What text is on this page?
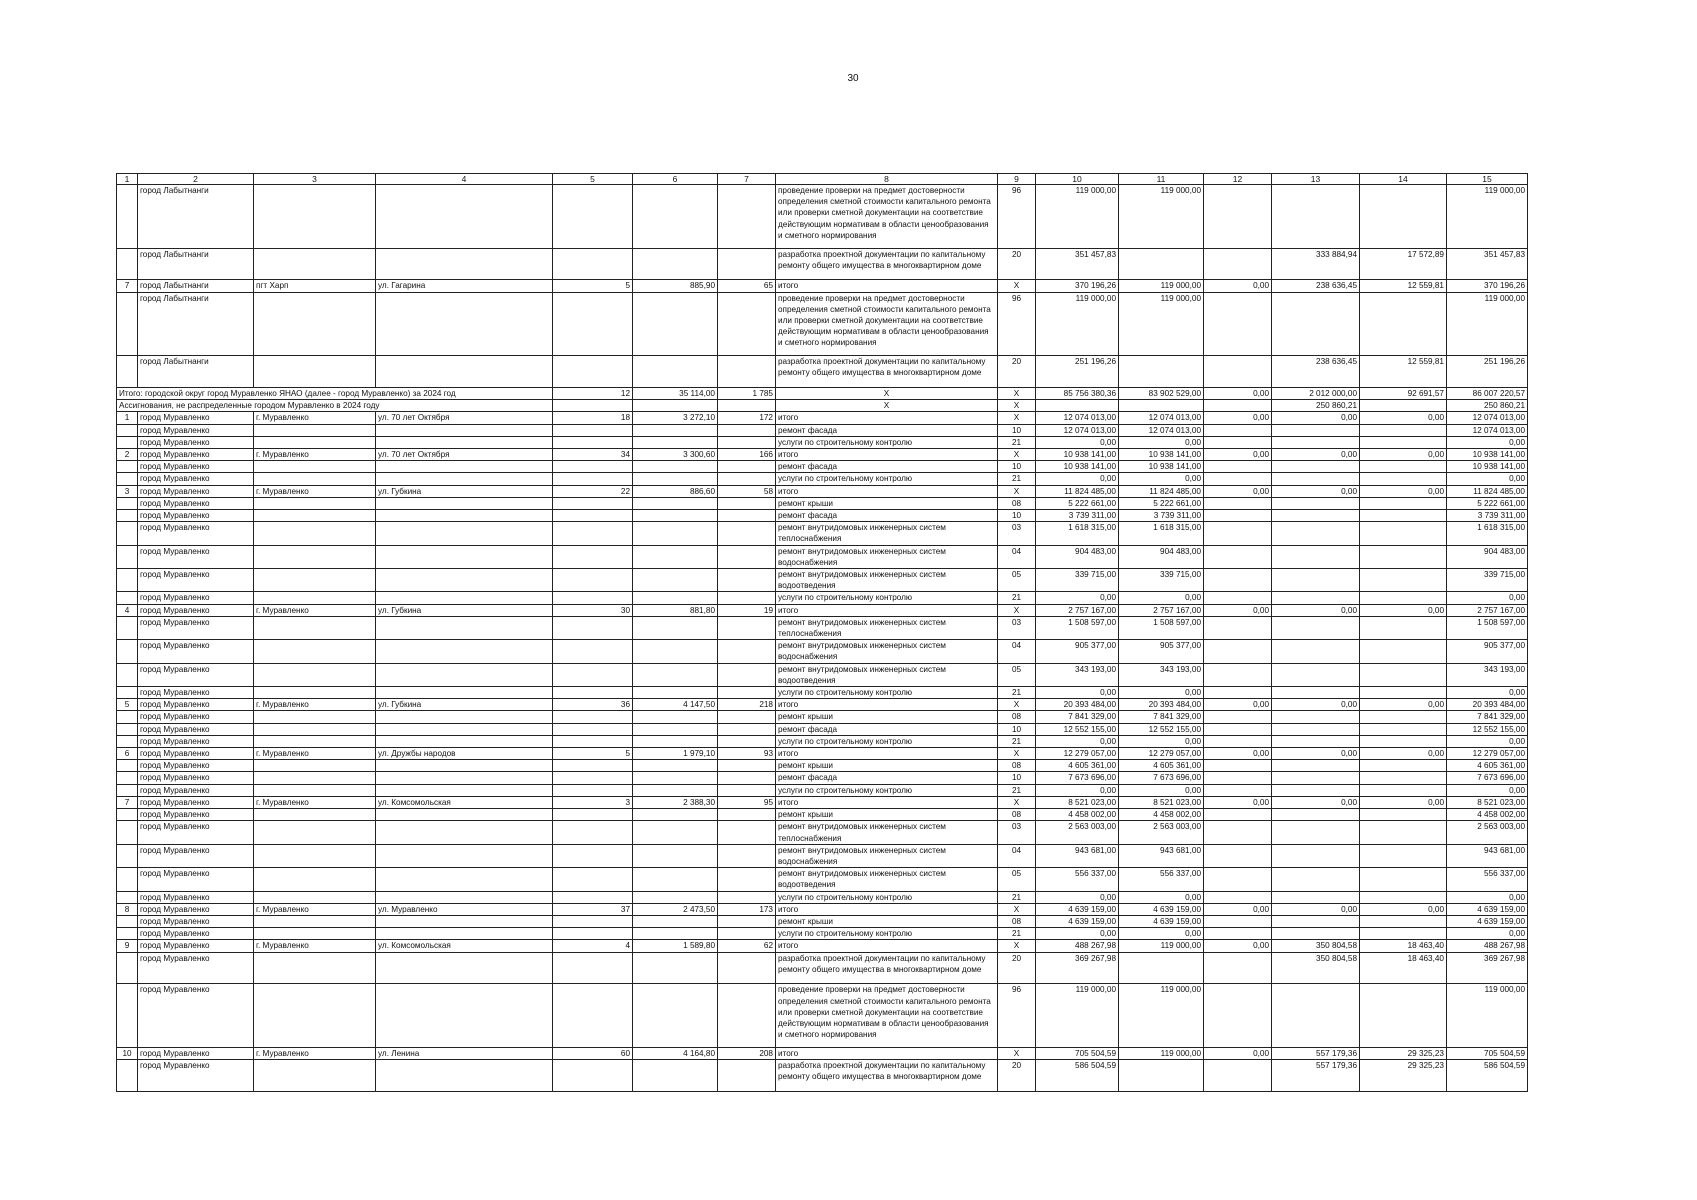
30
1	2	3	4	5	6	7	8	9	10	11	12	13	14	15
	город Лабытнанги						проведение проверки на предмет достоверности определения сметной стоимости капитального ремонта или проверки сметной документации на соответствие действующим нормативам в области ценообразования и сметного нормирования	96	119 000,00	119 000,00				119 000,00
	город Лабытнанги						разработка проектной документации по капитальному ремонту общего имущества в многоквартирном доме	20	351 457,83			333 884,94	17 572,89	351 457,83
7	город Лабытнанги	пгт Харп	ул. Гагарина	5	885,90	65	итого	X	370 196,26	119 000,00	0,00	238 636,45	12 559,81	370 196,26
	город Лабытнанги						проведение проверки на предмет достоверности определения сметной стоимости капитального ремонта или проверки сметной документации на соответствие действующим нормативам в области ценообразования и сметного нормирования	96	119 000,00	119 000,00				119 000,00
	город Лабытнанги						разработка проектной документации по капитальному ремонту общего имущества в многоквартирном доме	20	251 196,26			238 636,45	12 559,81	251 196,26
Итого: городской округ город Муравленко ЯНАО (далее - город Муравленко) за 2024 год				12	35 114,00	1 785	X	X	85 756 380,36	83 902 529,00	0,00	2 012 000,00	92 691,57	86 007 220,57
Ассигнования, не распределенные городом Муравленко в 2024 году							X	X				250 860,21		250 860,21
1	город Муравленко	г. Муравленко	ул. 70 лет Октября	18	3 272,10	172	итого	X	12 074 013,00	12 074 013,00	0,00	0,00	0,00	12 074 013,00
	город Муравленко						ремонт фасада	10	12 074 013,00	12 074 013,00				12 074 013,00
	город Муравленко						услуги по строительному контролю	21	0,00	0,00				0,00
2	город Муравленко	г. Муравленко	ул. 70 лет Октября	34	3 300,60	166	итого	X	10 938 141,00	10 938 141,00	0,00	0,00	0,00	10 938 141,00
	город Муравленко						ремонт фасада	10	10 938 141,00	10 938 141,00				10 938 141,00
	город Муравленко						услуги по строительному контролю	21	0,00	0,00				0,00
3	город Муравленко	г. Муравленко	ул. Губкина	22	886,60	58	итого	X	11 824 485,00	11 824 485,00	0,00	0,00	0,00	11 824 485,00
	город Муравленко						ремонт крыши	08	5 222 661,00	5 222 661,00				5 222 661,00
	город Муравленко						ремонт фасада	10	3 739 311,00	3 739 311,00				3 739 311,00
	город Муравленко						ремонт внутридомовых инженерных систем теплоснабжения	03	1 618 315,00	1 618 315,00				1 618 315,00
	город Муравленко						ремонт внутридомовых инженерных систем водоснабжения	04	904 483,00	904 483,00				904 483,00
	город Муравленко						ремонт внутридомовых инженерных систем водоотведения	05	339 715,00	339 715,00				339 715,00
	город Муравленко						услуги по строительному контролю	21	0,00	0,00				0,00
4	город Муравленко	г. Муравленко	ул. Губкина	30	881,80	19	итого	X	2 757 167,00	2 757 167,00	0,00	0,00	0,00	2 757 167,00
	город Муравленко						ремонт внутридомовых инженерных систем теплоснабжения	03	1 508 597,00	1 508 597,00				1 508 597,00
	город Муравленко						ремонт внутридомовых инженерных систем водоснабжения	04	905 377,00	905 377,00				905 377,00
	город Муравленко						ремонт внутридомовых инженерных систем водоотведения	05	343 193,00	343 193,00				343 193,00
	город Муравленко						услуги по строительному контролю	21	0,00	0,00				0,00
5	город Муравленко	г. Муравленко	ул. Губкина	36	4 147,50	218	итого	X	20 393 484,00	20 393 484,00	0,00	0,00	0,00	20 393 484,00
	город Муравленко						ремонт крыши	08	7 841 329,00	7 841 329,00				7 841 329,00
	город Муравленко						ремонт фасада	10	12 552 155,00	12 552 155,00				12 552 155,00
	город Муравленко						услуги по строительному контролю	21	0,00	0,00				0,00
6	город Муравленко	г. Муравленко	ул. Дружбы народов	5	1 979,10	93	итого	X	12 279 057,00	12 279 057,00	0,00	0,00	0,00	12 279 057,00
	город Муравленко						ремонт крыши	08	4 605 361,00	4 605 361,00				4 605 361,00
	город Муравленко						ремонт фасада	10	7 673 696,00	7 673 696,00				7 673 696,00
	город Муравленко						услуги по строительному контролю	21	0,00	0,00				0,00
7	город Муравленко	г. Муравленко	ул. Комсомольская	3	2 388,30	95	итого	X	8 521 023,00	8 521 023,00	0,00	0,00	0,00	8 521 023,00
	город Муравленко						ремонт крыши	08	4 458 002,00	4 458 002,00				4 458 002,00
	город Муравленко						ремонт внутридомовых инженерных систем теплоснабжения	03	2 563 003,00	2 563 003,00				2 563 003,00
	город Муравленко						ремонт внутридомовых инженерных систем водоснабжения	04	943 681,00	943 681,00				943 681,00
	город Муравленко						ремонт внутридомовых инженерных систем водоотведения	05	556 337,00	556 337,00				556 337,00
	город Муравленко						услуги по строительному контролю	21	0,00	0,00				0,00
8	город Муравленко	г. Муравленко	ул. Муравленко	37	2 473,50	173	итого	X	4 639 159,00	4 639 159,00	0,00	0,00	0,00	4 639 159,00
	город Муравленко						ремонт крыши	08	4 639 159,00	4 639 159,00				4 639 159,00
	город Муравленко						услуги по строительному контролю	21	0,00	0,00				0,00
9	город Муравленко	г. Муравленко	ул. Комсомольская	4	1 589,80	62	итого	X	488 267,98	119 000,00	0,00	350 804,58	18 463,40	488 267,98
	город Муравленко						разработка проектной документации по капитальному ремонту общего имущества в многоквартирном доме	20	369 267,98			350 804,58	18 463,40	369 267,98
	город Муравленко						проведение проверки на предмет достоверности определения сметной стоимости капитального ремонта или проверки сметной документации на соответствие действующим нормативам в области ценообразования и сметного нормирования	96	119 000,00	119 000,00				119 000,00
10	город Муравленко	г. Муравленко	ул. Ленина	60	4 164,80	208	итого	X	705 504,59	119 000,00	0,00	557 179,36	29 325,23	705 504,59
	город Муравленко						разработка проектной документации по капитальному ремонту общего имущества в многоквартирном доме	20	586 504,59			557 179,36	29 325,23	586 504,59
